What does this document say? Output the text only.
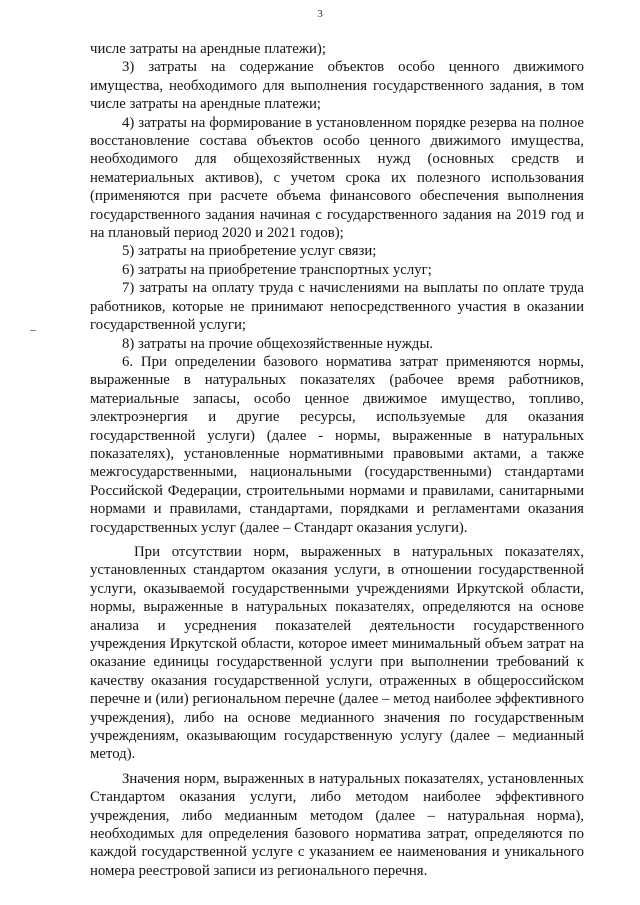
3

числе затраты на арендные платежи);

3) затраты на содержание объектов особо ценного движимого имущества, необходимого для выполнения государственного задания, в том числе затраты на арендные платежи;

4) затраты на формирование в установленном порядке резерва на полное восстановление состава объектов особо ценного движимого имущества, необходимого для общехозяйственных нужд (основных средств и нематериальных активов), с учетом срока их полезного использования (применяются при расчете объема финансового обеспечения выполнения государственного задания начиная с государственного задания на 2019 год и на плановый период 2020 и 2021 годов);

5) затраты на приобретение услуг связи;

6) затраты на приобретение транспортных услуг;

7) затраты на оплату труда с начислениями на выплаты по оплате труда работников, которые не принимают непосредственного участия в оказании государственной услуги;

8) затраты на прочие общехозяйственные нужды.

6. При определении базового норматива затрат применяются нормы, выраженные в натуральных показателях (рабочее время работников, материальные запасы, особо ценное движимое имущество, топливо, электроэнергия и другие ресурсы, используемые для оказания государственной услуги) (далее - нормы, выраженные в натуральных показателях), установленные нормативными правовыми актами, а также межгосударственными, национальными (государственными) стандартами Российской Федерации, строительными нормами и правилами, санитарными нормами и правилами, стандартами, порядками и регламентами оказания государственных услуг (далее – Стандарт оказания услуги).

При отсутствии норм, выраженных в натуральных показателях, установленных стандартом оказания услуги, в отношении государственной услуги, оказываемой государственными учреждениями Иркутской области, нормы, выраженные в натуральных показателях, определяются на основе анализа и усреднения показателей деятельности государственного учреждения Иркутской области, которое имеет минимальный объем затрат на оказание единицы государственной услуги при выполнении требований к качеству оказания государственной услуги, отраженных в общероссийском перечне и (или) региональном перечне (далее – метод наиболее эффективного учреждения), либо на основе медианного значения по государственным учреждениям, оказывающим государственную услугу (далее – медианный метод).

Значения норм, выраженных в натуральных показателях, установленных Стандартом оказания услуги, либо методом наиболее эффективного учреждения, либо медианным методом (далее – натуральная норма), необходимых для определения базового норматива затрат, определяются по каждой государственной услуге с указанием ее наименования и уникального номера реестровой записи из регионального перечня.
